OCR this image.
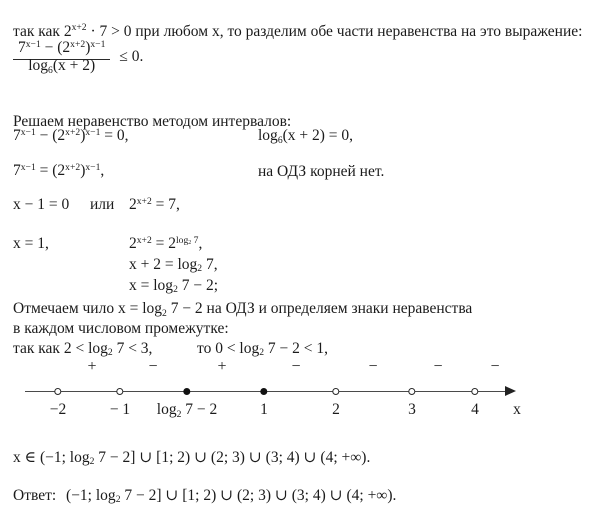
так как $2^{x+2} \cdot 7 > 0$ при любом x, то разделим обе части неравенства на это выражение:

$7^{x-1} - (2^{x+2})^{x-1}$
$\log_6(x + 2)$
≤ 0.

Решаем неравенство методом интервалов:

$7^{x-1} - (2^{x+2})^{x-1} = 0$,	$\log_6(x + 2) = 0$,
$7^{x-1} = (2^{x+2})^{x-1}$,	на ОДЗ корней нет.
x − 1 = 0 или $2^{x+2} = 7$,
x = 1,	$2^{x+2} = 2^{log_2 7}$,
$x + 2 = \log_2 7$,
$x = \log_2 7 - 2$;
Отмечаем чило $x = \log_2 7 - 2$ на ОДЗ и определяем знаки неравенства
в каждом числовом промежутке:
так как $2 < \log_2 7 < 3$,	то $0 < \log_2 7 - 2 < 1$,
x
+	−	+	−	−	−	−
−2	− 1 $\log_2 7 - 2$	1	2	3	4

x ∈ (−1; $\log_2 7 - 2$] ∪ [1; 2) ∪ (2; 3) ∪ (3; 4) ∪ (4; +∞).

Ответ: (−1; $\log_2 7 - 2$] ∪ [1; 2) ∪ (2; 3) ∪ (3; 4) ∪ (4; +∞).
